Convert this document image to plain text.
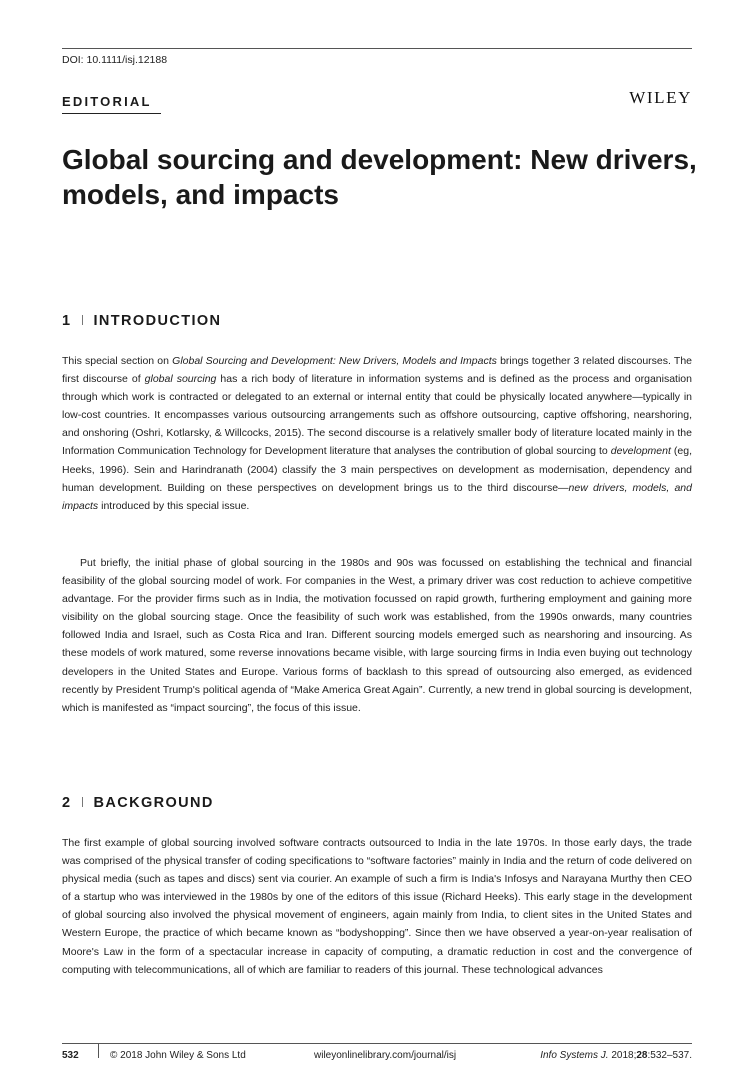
DOI: 10.1111/isj.12188
EDITORIAL	WILEY
Global sourcing and development: New drivers, models, and impacts
1 INTRODUCTION

This special section on Global Sourcing and Development: New Drivers, Models and Impacts brings together 3 related discourses. The first discourse of global sourcing has a rich body of literature in information systems and is defined as the process and organisation through which work is contracted or delegated to an external or internal entity that could be physically located anywhere—typically in low-cost countries. It encompasses various outsourcing arrangements such as offshore outsourcing, captive offshoring, nearshoring, and onshoring (Oshri, Kotlarsky, & Willcocks, 2015). The second discourse is a relatively smaller body of literature located mainly in the Information Communication Technology for Development literature that analyses the contribution of global sourcing to development (eg, Heeks, 1996). Sein and Harindranath (2004) classify the 3 main perspectives on development as modernisation, dependency and human development. Building on these perspectives on development brings us to the third discourse—new drivers, models, and impacts introduced by this special issue.

Put briefly, the initial phase of global sourcing in the 1980s and 90s was focussed on establishing the technical and financial feasibility of the global sourcing model of work. For companies in the West, a primary driver was cost reduction to achieve competitive advantage. For the provider firms such as in India, the motivation focussed on rapid growth, furthering employment and gaining more visibility on the global sourcing stage. Once the feasibility of such work was established, from the 1990s onwards, many countries followed India and Israel, such as Costa Rica and Iran. Different sourcing models emerged such as nearshoring and insourcing. As these models of work matured, some reverse innovations became visible, with large sourcing firms in India even buying out technology developers in the United States and Europe. Various forms of backlash to this spread of outsourcing also emerged, as evidenced recently by President Trump's political agenda of “Make America Great Again”. Currently, a new trend in global sourcing is development, which is manifested as “impact sourcing”, the focus of this issue.

2 BACKGROUND

The first example of global sourcing involved software contracts outsourced to India in the late 1970s. In those early days, the trade was comprised of the physical transfer of coding specifications to “software factories” mainly in India and the return of code delivered on physical media (such as tapes and discs) sent via courier. An example of such a firm is India's Infosys and Narayana Murthy then CEO of a startup who was interviewed in the 1980s by one of the editors of this issue (Richard Heeks). This early stage in the development of global sourcing also involved the physical movement of engineers, again mainly from India, to client sites in the United States and Western Europe, the practice of which became known as “bodyshopping”. Since then we have observed a year-on-year realisation of Moore's Law in the form of a spectacular increase in capacity of computing, a dramatic reduction in cost and the convergence of computing with telecommunications, all of which are familiar to readers of this journal. These technological advances

532	© 2018 John Wiley & Sons Ltd	wileyonlinelibrary.com/journal/isj	Info Systems J. 2018;28:532–537.
